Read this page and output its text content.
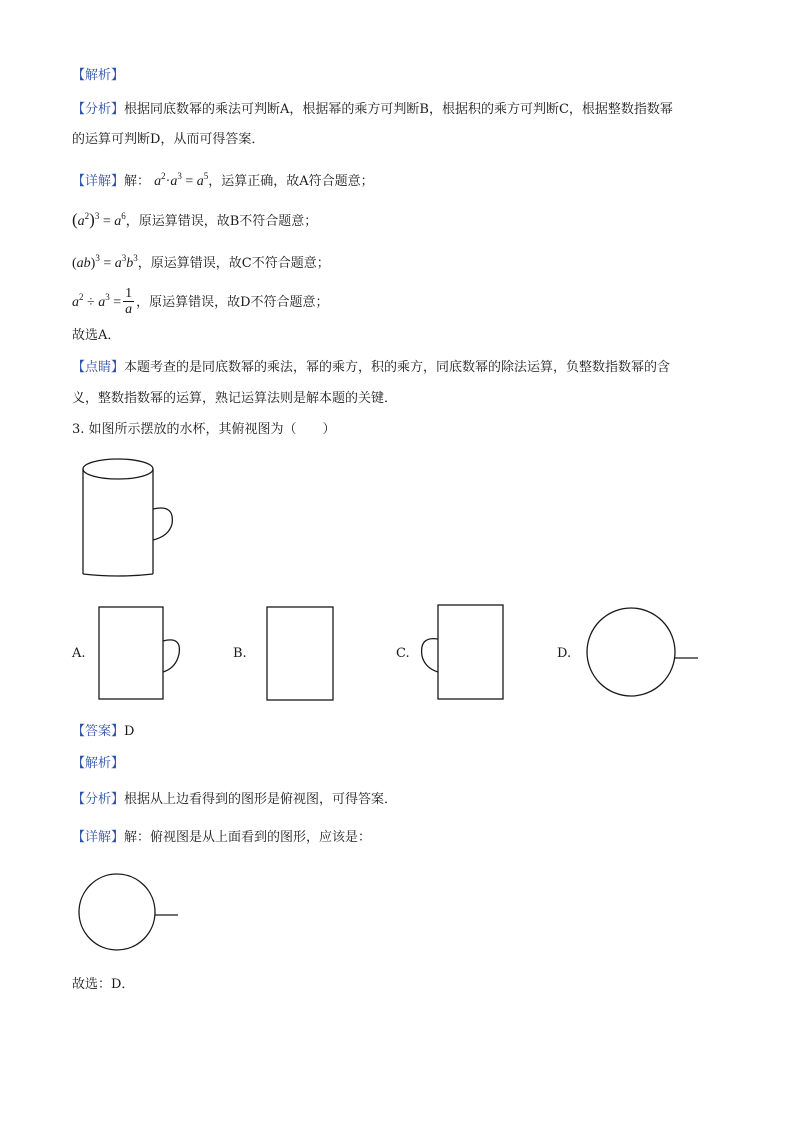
【解析】
【分析】根据同底数幂的乘法可判断A，根据幂的乘方可判断B，根据积的乘方可判断C，根据整数指数幂
的运算可判断D，从而可得答案．
【详解】解： $a^2\cdot a^3 = a^5$，运算正确，故A符合题意；
$(a^2)^3 = a^6$，原运算错误，故B不符合题意；
$(ab)^3 = a^3b^3$，原运算错误，故C不符合题意；
$a^2 \div a^3 = \frac{1}{a}$ ，原运算错误，故D不符合题意；
故选A．
【点睛】本题考查的是同底数幂的乘法，幂的乘方，积的乘方，同底数幂的除法运算，负整数指数幂的含
义，整数指数幂的运算，熟记运算法则是解本题的关键．
3. 如图所示摆放的水杯，其俯视图为（　　）
A.	B.	C.	D.
【答案】D
【解析】
【分析】根据从上边看得到的图形是俯视图，可得答案．
【详解】解：俯视图是从上面看到的图形，应该是：
故选：D．
